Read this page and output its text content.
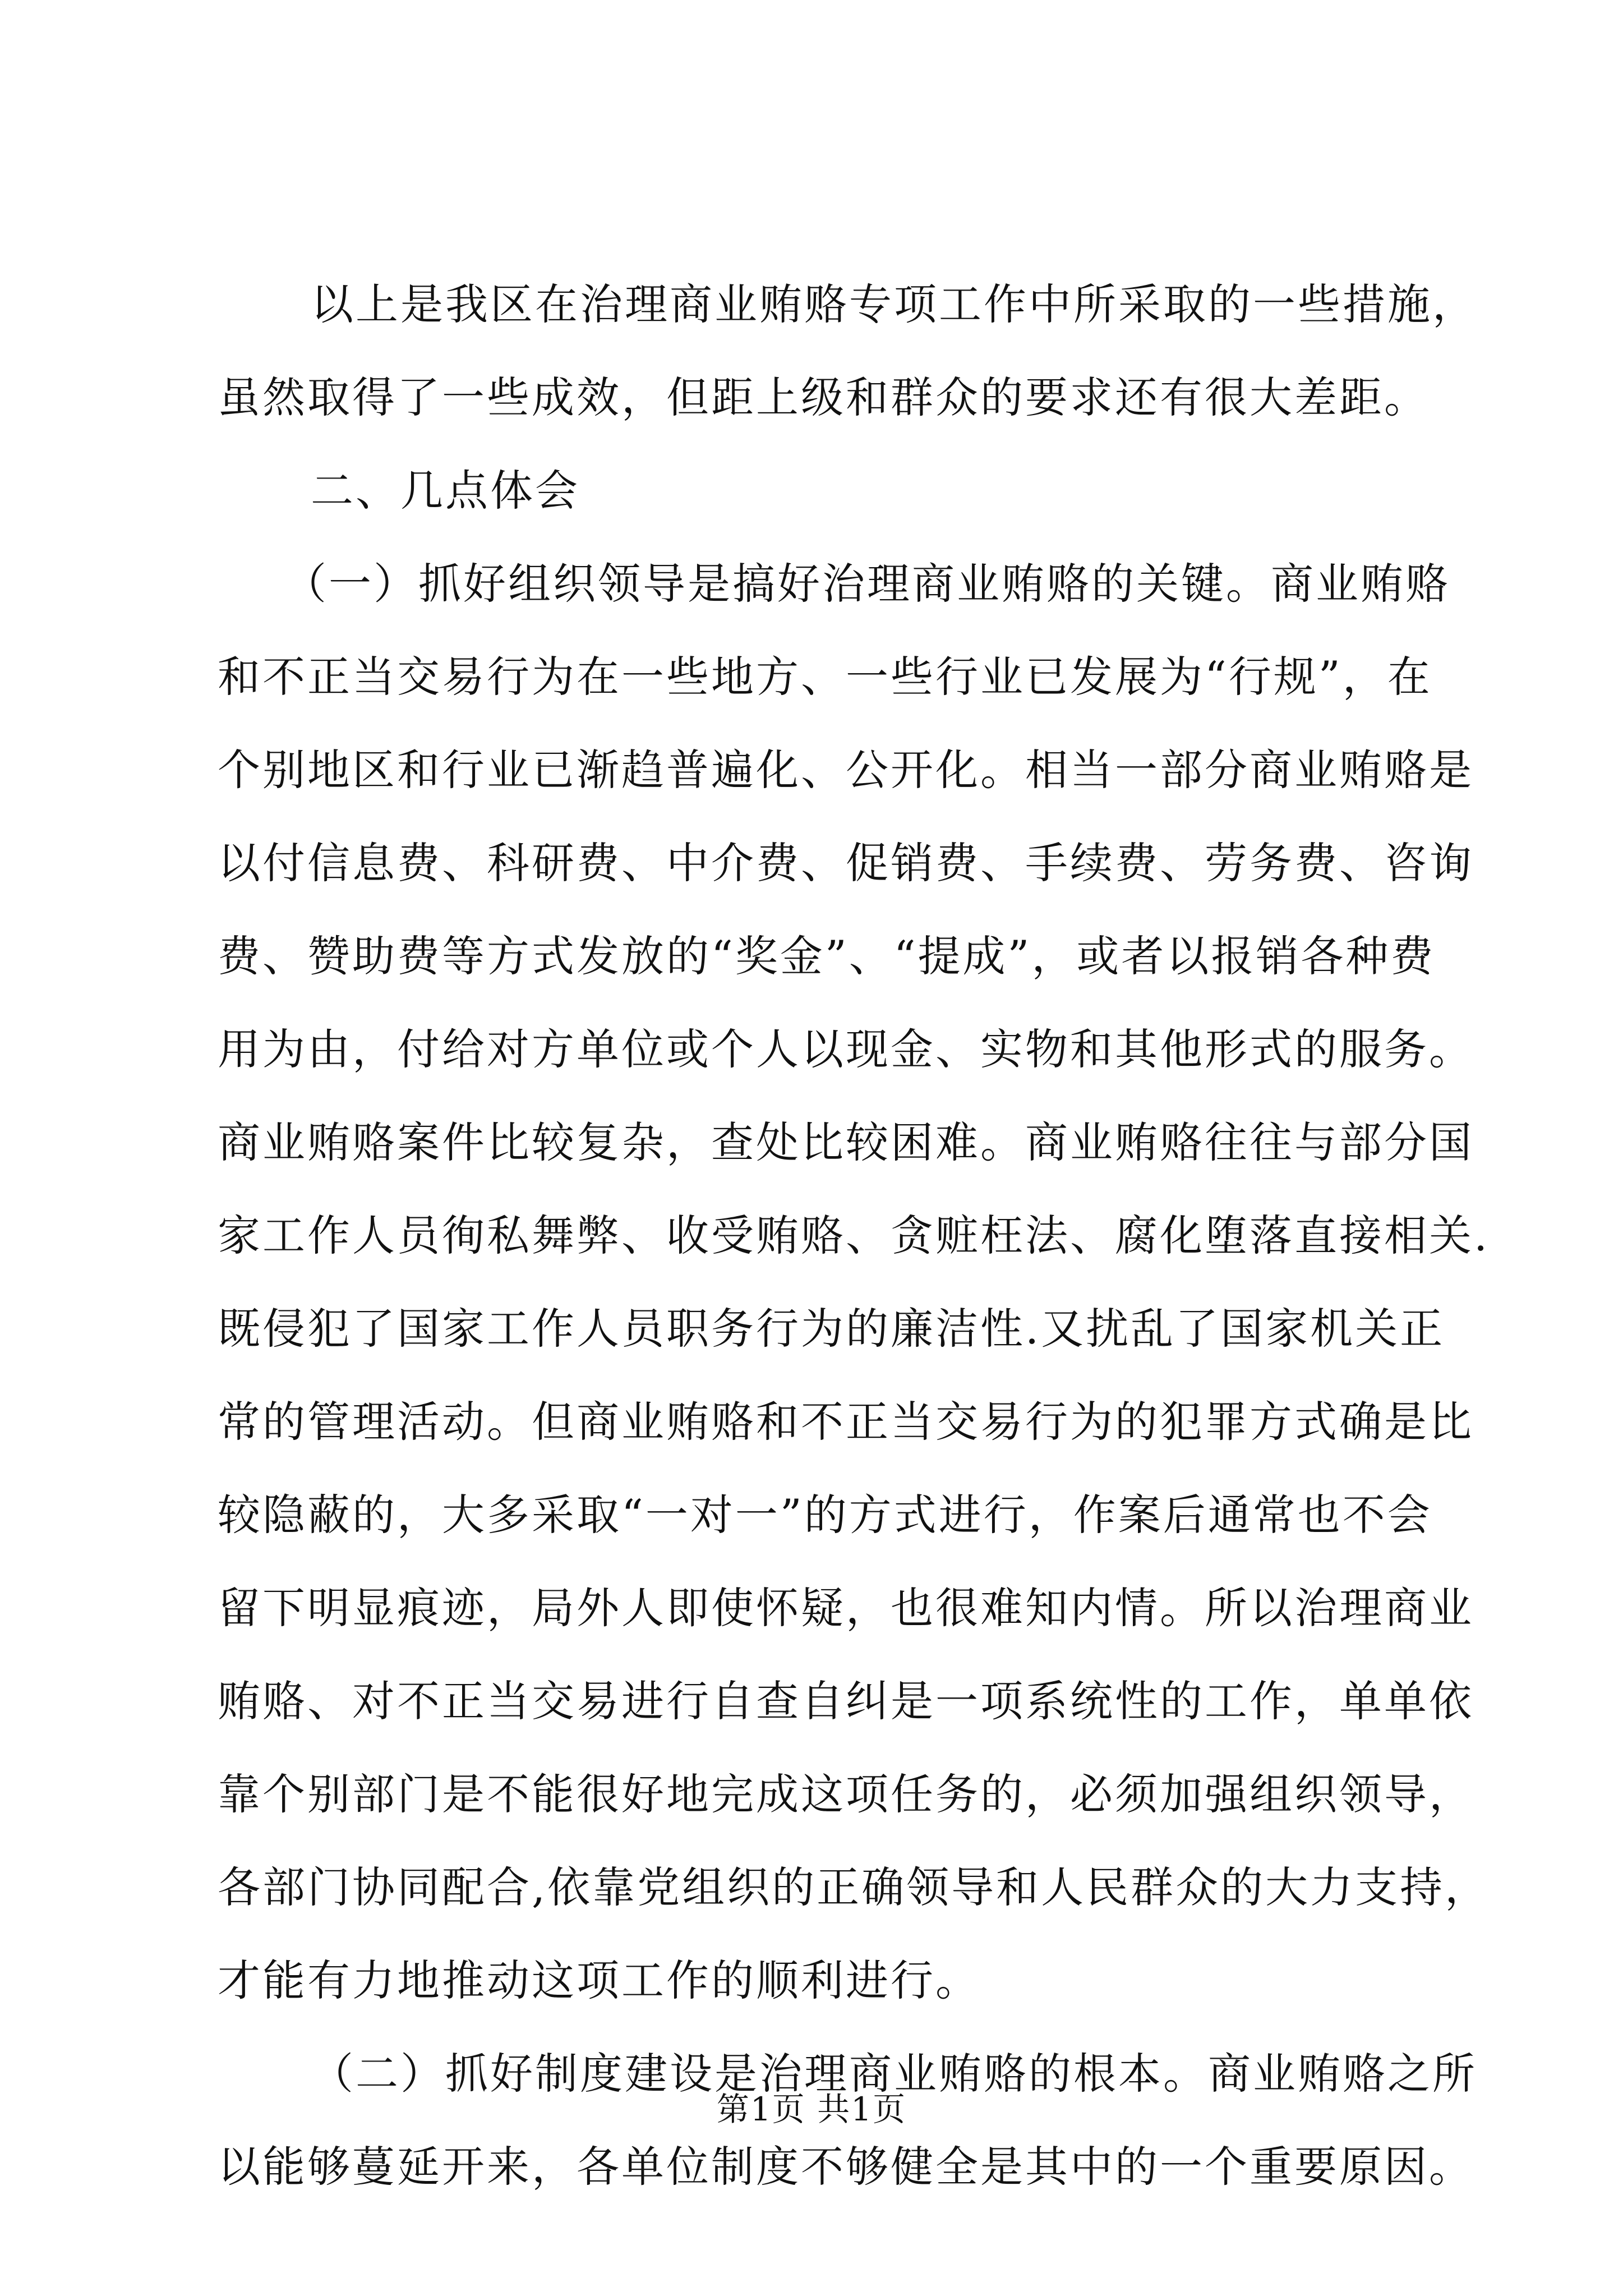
以上是我区在治理商业贿赂专项工作中所采取的一些措施，
虽然取得了一些成效，但距上级和群众的要求还有很大差距。
二、几点体会
（一）抓好组织领导是搞好治理商业贿赂的关键。商业贿赂
和不正当交易行为在一些地方、一些行业已发展为“行规”，在
个别地区和行业已渐趋普遍化、公开化。相当一部分商业贿赂是
以付信息费、科研费、中介费、促销费、手续费、劳务费、咨询
费、赞助费等方式发放的“奖金”、“提成”，或者以报销各种费
用为由，付给对方单位或个人以现金、实物和其他形式的服务。
商业贿赂案件比较复杂，查处比较困难。商业贿赂往往与部分国
家工作人员徇私舞弊、收受贿赂、贪赃枉法、腐化堕落直接相关.
既侵犯了国家工作人员职务行为的廉洁性.又扰乱了国家机关正
常的管理活动。但商业贿赂和不正当交易行为的犯罪方式确是比
较隐蔽的，大多采取“一对一”的方式进行，作案后通常也不会
留下明显痕迹，局外人即使怀疑，也很难知内情。所以治理商业
贿赂、对不正当交易进行自查自纠是一项系统性的工作，单单依
靠个别部门是不能很好地完成这项任务的，必须加强组织领导，
各部门协同配合,依靠党组织的正确领导和人民群众的大力支持，
才能有力地推动这项工作的顺利进行。
（二）抓好制度建设是治理商业贿赂的根本。商业贿赂之所
以能够蔓延开来，各单位制度不够健全是其中的一个重要原因。
第1页 共1页
